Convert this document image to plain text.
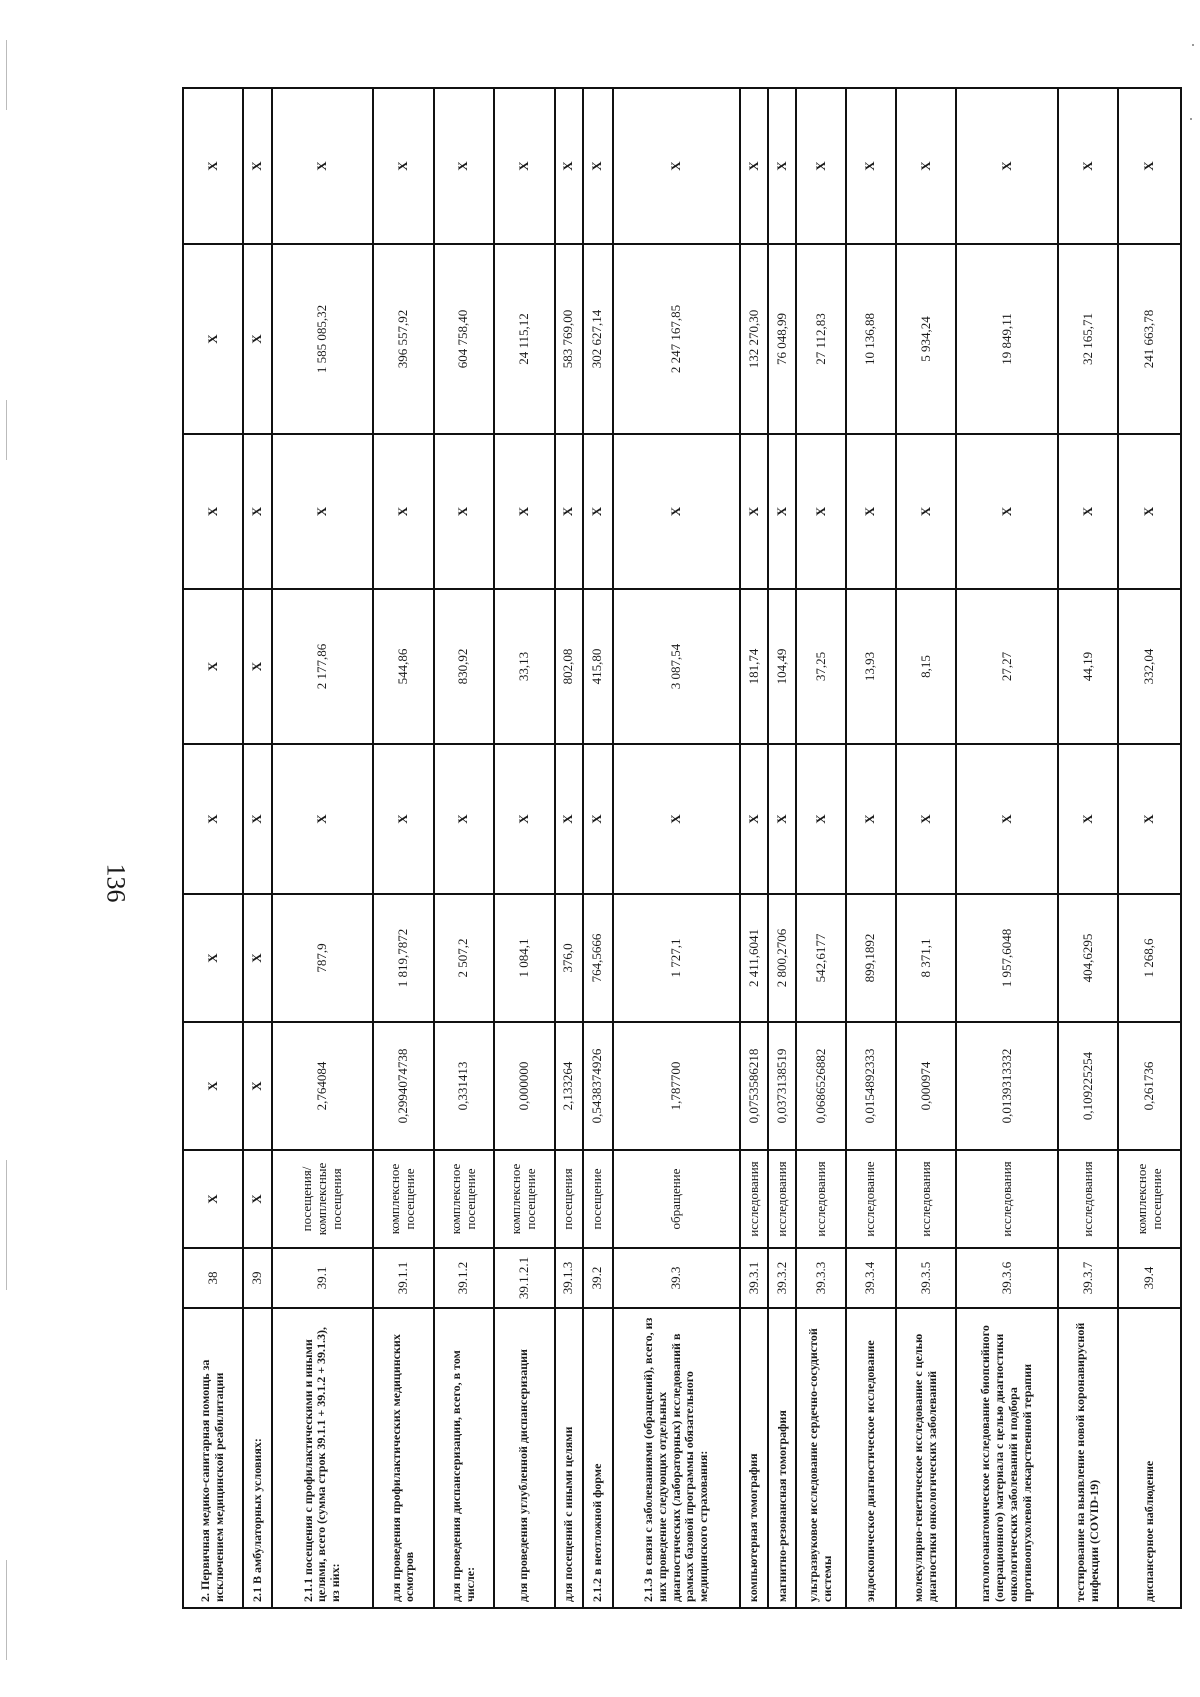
136
2. Первичная медико-санитарная помощь за исключением медицинской реабилитации	38	X	X	X	X	X	X	X	X
2.1 В амбулаторных условиях:	39	X	X	X	X	X	X	X	X
2.1.1 посещения с профилактическими и иными целями, всего (сумма строк 39.1.1 + 39.1.2 + 39.1.3), из них:	39.1	посещения/ комплексные посещения	2,764084	787,9	X	2 177,86	X	1 585 085,32	X
для проведения профилактических медицинских осмотров	39.1.1	комплексное посещение	0,2994074738	1 819,7872	X	544,86	X	396 557,92	X
для проведения диспансеризации, всего, в том числе:	39.1.2	комплексное посещение	0,331413	2 507,2	X	830,92	X	604 758,40	X
для проведения углубленной диспансеризации	39.1.2.1	комплексное посещение	0,000000	1 084,1	X	33,13	X	24 115,12	X
для посещений с иными целями	39.1.3	посещения	2,133264	376,0	X	802,08	X	583 769,00	X
2.1.2 в неотложной форме	39.2	посещение	0,5438374926	764,5666	X	415,80	X	302 627,14	X
2.1.3 в связи с заболеваниями (обращений), всего, из них проведение следующих отдельных диагностических (лабораторных) исследований в рамках базовой программы обязательного медицинского страхования:	39.3	обращение	1,787700	1 727,1	X	3 087,54	X	2 247 167,85	X
компьютерная томография	39.3.1	исследования	0,0753586218	2 411,6041	X	181,74	X	132 270,30	X
магнитно-резонансная томография	39.3.2	исследования	0,0373138519	2 800,2706	X	104,49	X	76 048,99	X
ультразвуковое исследование сердечно-сосудистой системы	39.3.3	исследования	0,0686526882	542,6177	X	37,25	X	27 112,83	X
эндоскопическое диагностическое исследование	39.3.4	исследование	0,0154892333	899,1892	X	13,93	X	10 136,88	X
молекулярно-генетическое исследование с целью диагностики онкологических заболеваний	39.3.5	исследования	0,000974	8 371,1	X	8,15	X	5 934,24	X
патологоанатомическое исследование биопсийного (операционного) материала с целью диагностики онкологических заболеваний и подбора противоопухолевой лекарственной терапии	39.3.6	исследования	0,0139313332	1 957,6048	X	27,27	X	19 849,11	X
тестирование на выявление новой коронавирусной инфекции (COVID-19)	39.3.7	исследования	0,109225254	404,6295	X	44,19	X	32 165,71	X
диспансерное наблюдение	39.4	комплексное посещение	0,261736	1 268,6	X	332,04	X	241 663,78	X
